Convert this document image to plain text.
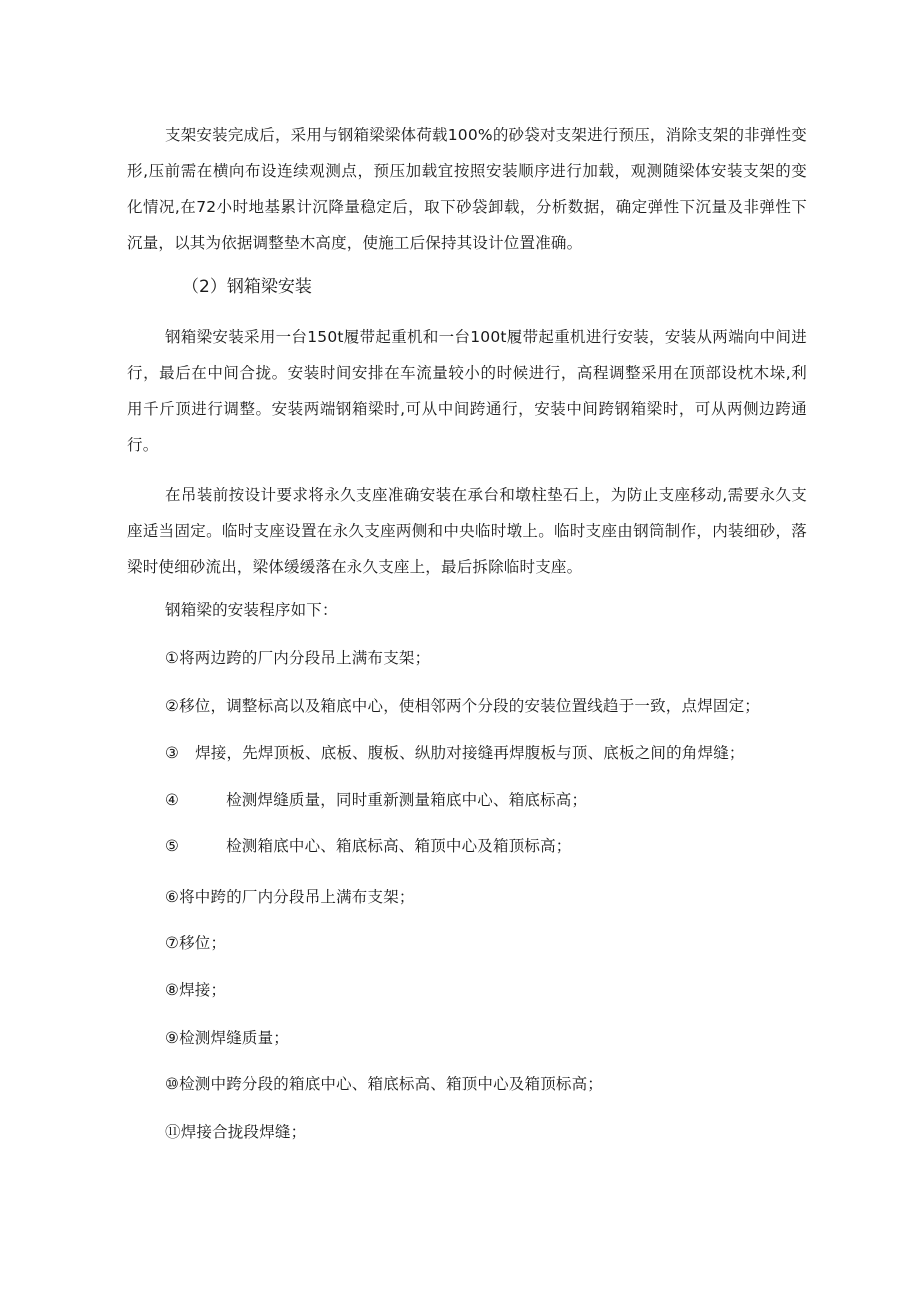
支架安装完成后，采用与钢箱梁梁体荷载100%的砂袋对支架进行预压，消除支架的非弹性变形,压前需在横向布设连续观测点，预压加载宜按照安装顺序进行加载，观测随梁体安装支架的变化情况,在72小时地基累计沉降量稳定后，取下砂袋卸载，分析数据，确定弹性下沉量及非弹性下沉量，以其为依据调整垫木高度，使施工后保持其设计位置准确。

（2）钢箱梁安装

钢箱梁安装采用一台150t履带起重机和一台100t履带起重机进行安装，安装从两端向中间进行，最后在中间合拢。安装时间安排在车流量较小的时候进行，高程调整采用在顶部设枕木垛,利用千斤顶进行调整。安装两端钢箱梁时,可从中间跨通行，安装中间跨钢箱梁时，可从两侧边跨通行。

在吊装前按设计要求将永久支座准确安装在承台和墩柱垫石上，为防止支座移动,需要永久支座适当固定。临时支座设置在永久支座两侧和中央临时墩上。临时支座由钢筒制作，内装细砂，落梁时使细砂流出，梁体缓缓落在永久支座上，最后拆除临时支座。

钢箱梁的安装程序如下：

①将两边跨的厂内分段吊上满布支架；

②移位，调整标高以及箱底中心，使相邻两个分段的安装位置线趋于一致，点焊固定；

③ 焊接，先焊顶板、底板、腹板、纵肋对接缝再焊腹板与顶、底板之间的角焊缝；

④	检测焊缝质量，同时重新测量箱底中心、箱底标高；

⑤	检测箱底中心、箱底标高、箱顶中心及箱顶标高；

⑥将中跨的厂内分段吊上满布支架；

⑦移位；

⑧焊接；

⑨检测焊缝质量；

⑩检测中跨分段的箱底中心、箱底标高、箱顶中心及箱顶标高；

⑪焊接合拢段焊缝；
